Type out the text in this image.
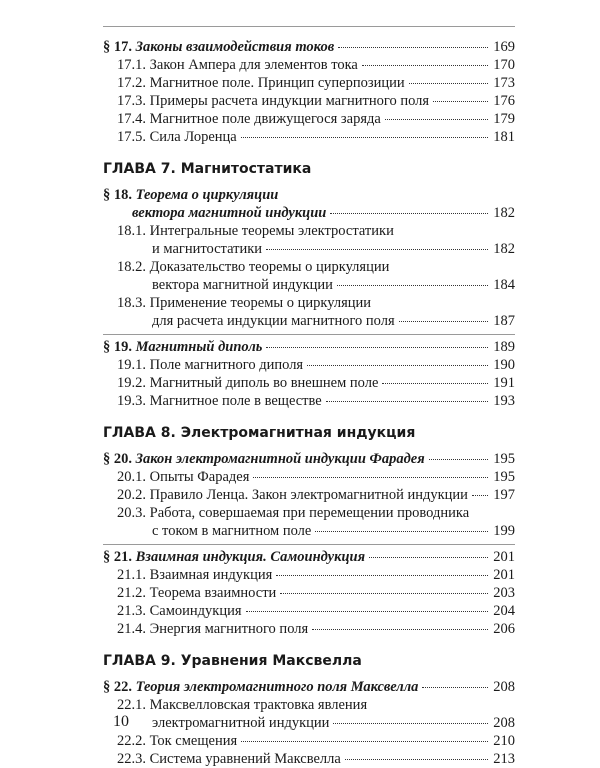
§ 17. Законы взаимодействия токов	169
17.1. Закон Ампера для элементов тока	170
17.2. Магнитное поле. Принцип суперпозиции	173
17.3. Примеры расчета индукции магнитного поля	176
17.4. Магнитное поле движущегося заряда	179
17.5. Сила Лоренца	181
ГЛАВА 7. Магнитостатика
§ 18. Теорема о циркуляции
вектора магнитной индукции	182
18.1. Интегральные теоремы электростатики
и магнитостатики	182
18.2. Доказательство теоремы о циркуляции
вектора магнитной индукции	184
18.3. Применение теоремы о циркуляции
для расчета индукции магнитного поля	187
§ 19. Магнитный диполь	189
19.1. Поле магнитного диполя	190
19.2. Магнитный диполь во внешнем поле	191
19.3. Магнитное поле в веществе	193
ГЛАВА 8. Электромагнитная индукция
§ 20. Закон электромагнитной индукции Фарадея	195
20.1. Опыты Фарадея	195
20.2. Правило Ленца. Закон электромагнитной индукции 197
20.3. Работа, совершаемая при перемещении проводника
с током в магнитном поле	199
§ 21. Взаимная индукция. Самоиндукция	201
21.1. Взаимная индукция	201
21.2. Теорема взаимности	203
21.3. Самоиндукция	204
21.4. Энергия магнитного поля	206
ГЛАВА 9. Уравнения Максвелла
§ 22. Теория электромагнитного поля Максвелла	208
22.1. Максвелловская трактовка явления
электромагнитной индукции	208
22.2. Ток смещения	210
22.3. Система уравнений Максвелла	213
10
